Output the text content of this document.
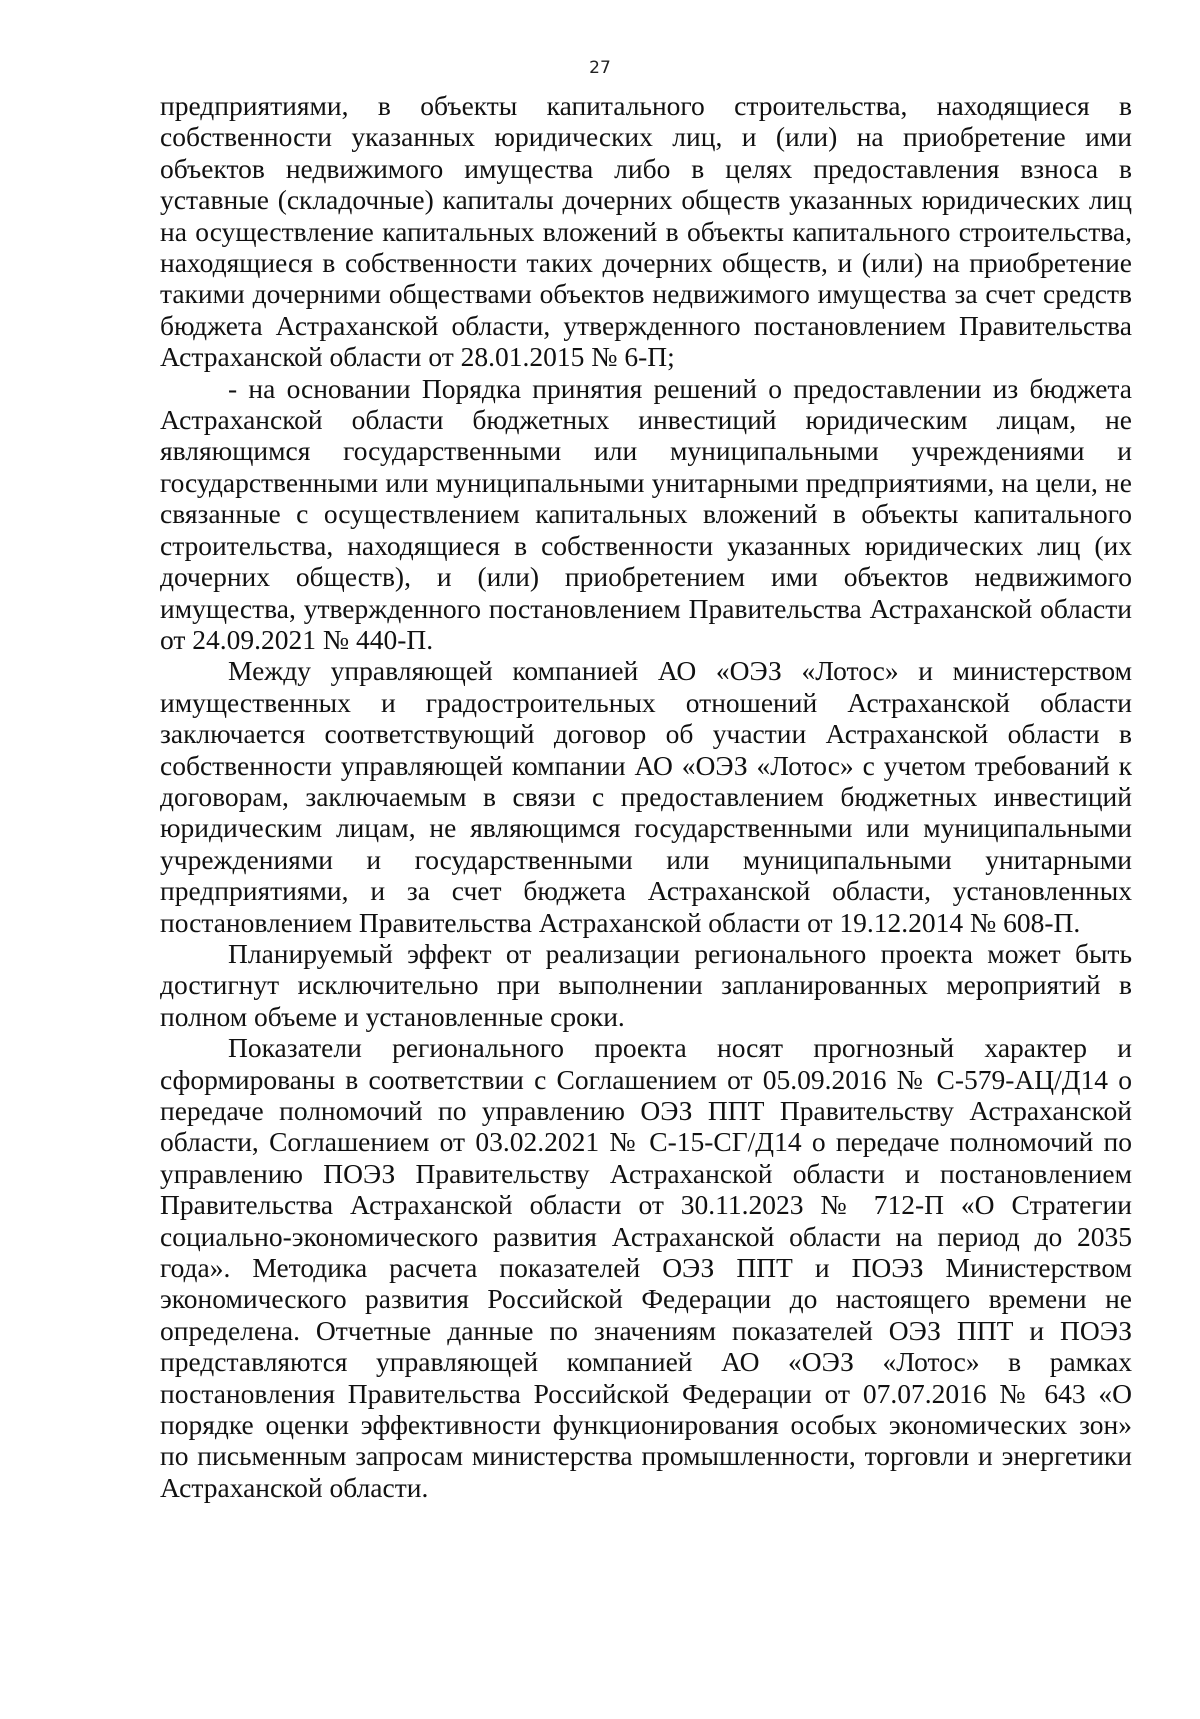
27

предприятиями, в объекты капитального строительства, находящиеся в собственности указанных юридических лиц, и (или) на приобретение ими объектов недвижимого имущества либо в целях предоставления взноса в уставные (складочные) капиталы дочерних обществ указанных юридических лиц на осуществление капитальных вложений в объекты капитального строительства, находящиеся в собственности таких дочерних обществ, и (или) на приобретение такими дочерними обществами объектов недвижимого имущества за счет средств бюджета Астраханской области, утвержденного постановлением Правительства Астраханской области от 28.01.2015 № 6-П;

- на основании Порядка принятия решений о предоставлении из бюджета Астраханской области бюджетных инвестиций юридическим лицам, не являющимся государственными или муниципальными учреждениями и государственными или муниципальными унитарными предприятиями, на цели, не связанные с осуществлением капитальных вложений в объекты капитального строительства, находящиеся в собственности указанных юридических лиц (их дочерних обществ), и (или) приобретением ими объектов недвижимого имущества, утвержденного постановлением Правительства Астраханской области от 24.09.2021 № 440-П.

Между управляющей компанией АО «ОЭЗ «Лотос» и министерством имущественных и градостроительных отношений Астраханской области заключается соответствующий договор об участии Астраханской области в собственности управляющей компании АО «ОЭЗ «Лотос» с учетом требований к договорам, заключаемым в связи с предоставлением бюджетных инвестиций юридическим лицам, не являющимся государственными или муниципальными учреждениями и государственными или муниципальными унитарными предприятиями, и за счет бюджета Астраханской области, установленных постановлением Правительства Астраханской области от 19.12.2014 № 608-П.

Планируемый эффект от реализации регионального проекта может быть достигнут исключительно при выполнении запланированных мероприятий в полном объеме и установленные сроки.

Показатели регионального проекта носят прогнозный характер и сформированы в соответствии с Соглашением от 05.09.2016 № С-579-АЦ/Д14 о передаче полномочий по управлению ОЭЗ ППТ Правительству Астраханской области, Соглашением от 03.02.2021 № С-15-СГ/Д14 о передаче полномочий по управлению ПОЭЗ Правительству Астраханской области и постановлением Правительства Астраханской области от 30.11.2023 № 712-П «О Стратегии социально-экономического развития Астраханской области на период до 2035 года». Методика расчета показателей ОЭЗ ППТ и ПОЭЗ Министерством экономического развития Российской Федерации до настоящего времени не определена. Отчетные данные по значениям показателей ОЭЗ ППТ и ПОЭЗ представляются управляющей компанией АО «ОЭЗ «Лотос» в рамках постановления Правительства Российской Федерации от 07.07.2016 № 643 «О порядке оценки эффективности функционирования особых экономических зон» по письменным запросам министерства промышленности, торговли и энергетики Астраханской области.
